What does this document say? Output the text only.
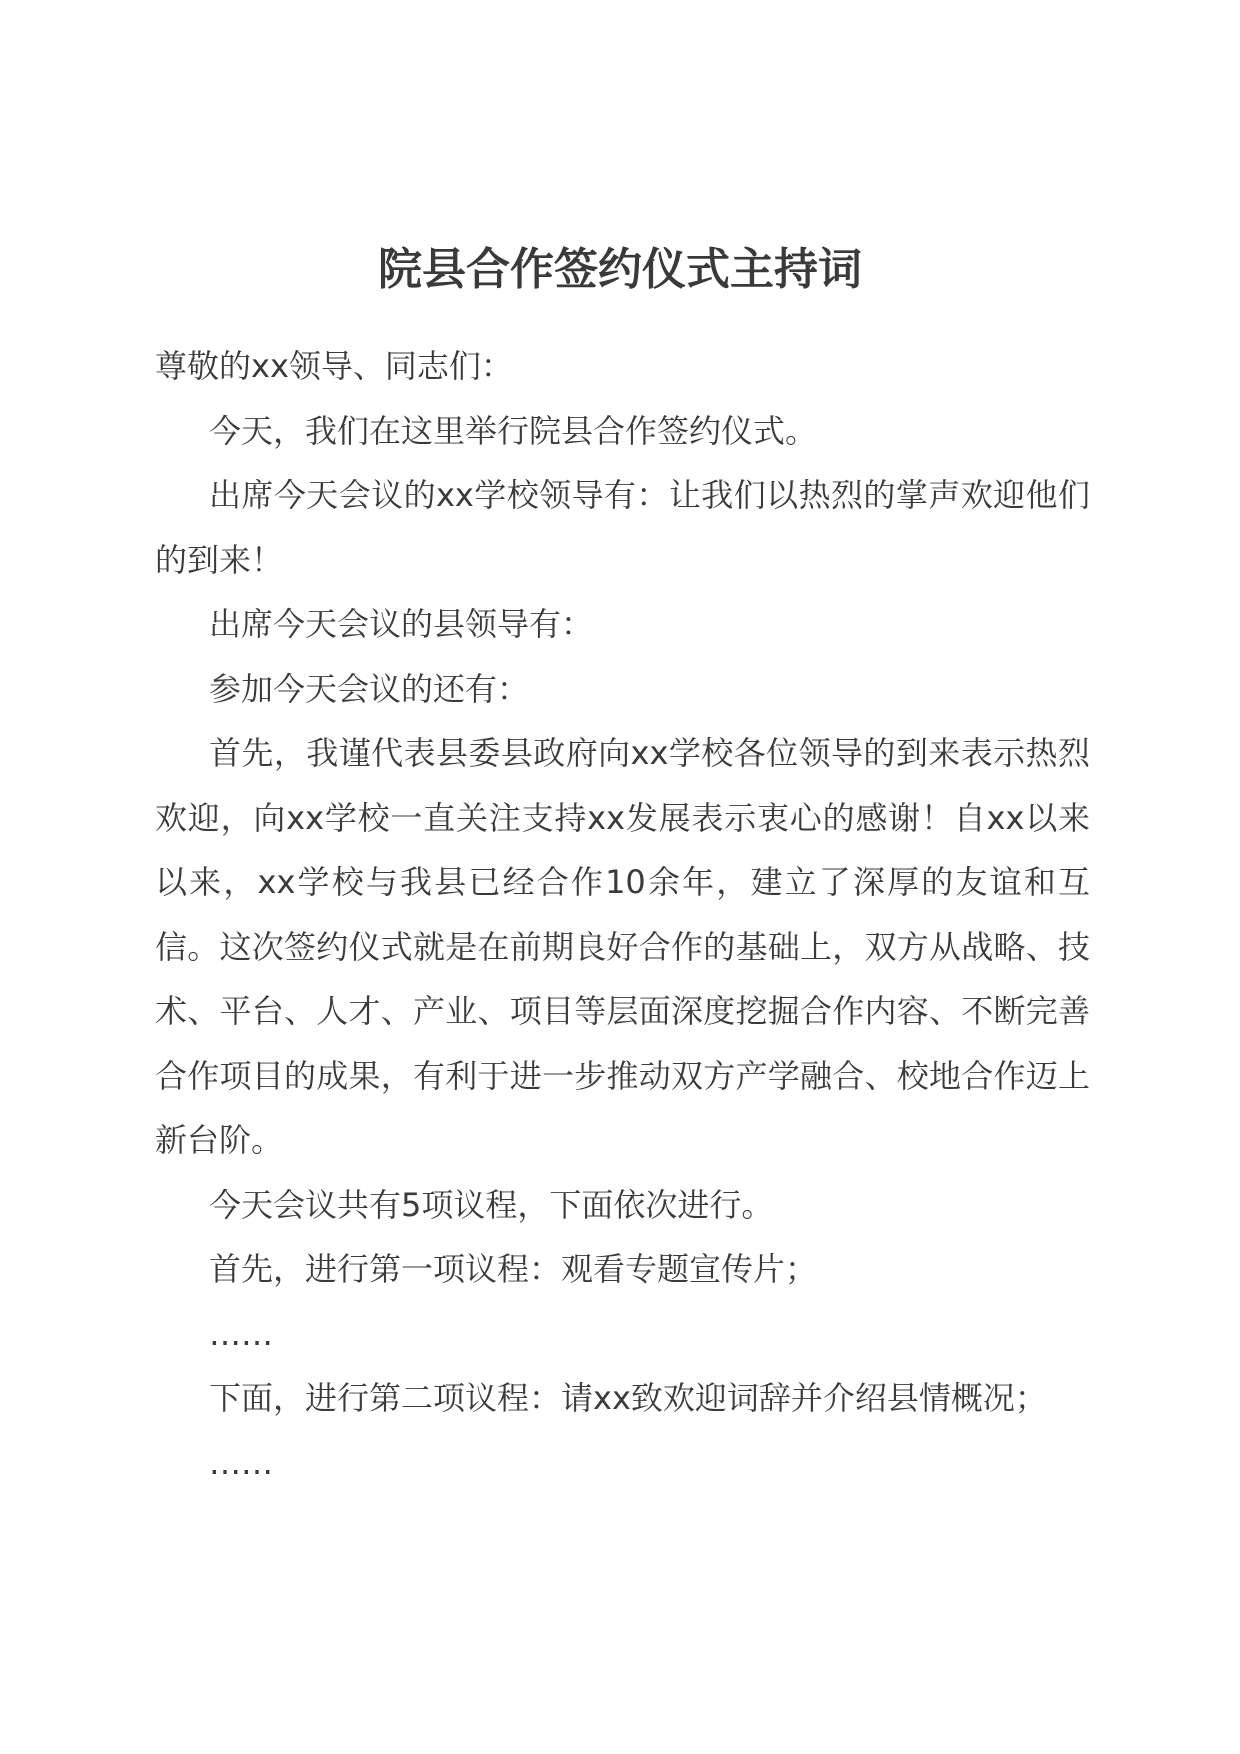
院县合作签约仪式主持词

尊敬的xx领导、同志们：

今天，我们在这里举行院县合作签约仪式。

出席今天会议的xx学校领导有：让我们以热烈的掌声欢迎他们的到来！

出席今天会议的县领导有：

参加今天会议的还有：

首先，我谨代表县委县政府向xx学校各位领导的到来表示热烈欢迎，向xx学校一直关注支持xx发展表示衷心的感谢！自xx以来以来，xx学校与我县已经合作10余年，建立了深厚的友谊和互信。这次签约仪式就是在前期良好合作的基础上，双方从战略、技术、平台、人才、产业、项目等层面深度挖掘合作内容、不断完善合作项目的成果，有利于进一步推动双方产学融合、校地合作迈上新台阶。

今天会议共有5项议程，下面依次进行。

首先，进行第一项议程：观看专题宣传片；

……

下面，进行第二项议程：请xx致欢迎词辞并介绍县情概况；

……
